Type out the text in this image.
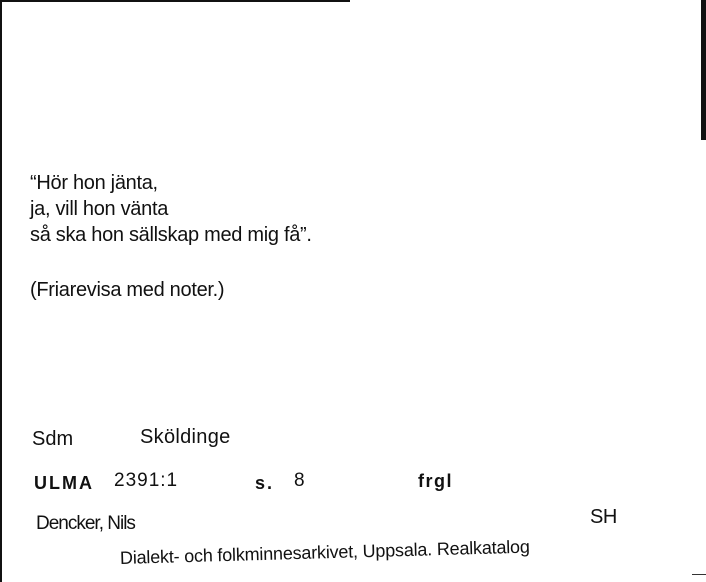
“Hör hon jänta,
ja, vill hon vänta
så ska hon sällskap med mig få”.
(Friarevisa med noter.)
Sdm	Sköldinge
ULMA 2391:1	s. 8	frgl
Dencker, Nils	SH
Dialekt- och folkminnesarkivet, Uppsala. Realkatalog
